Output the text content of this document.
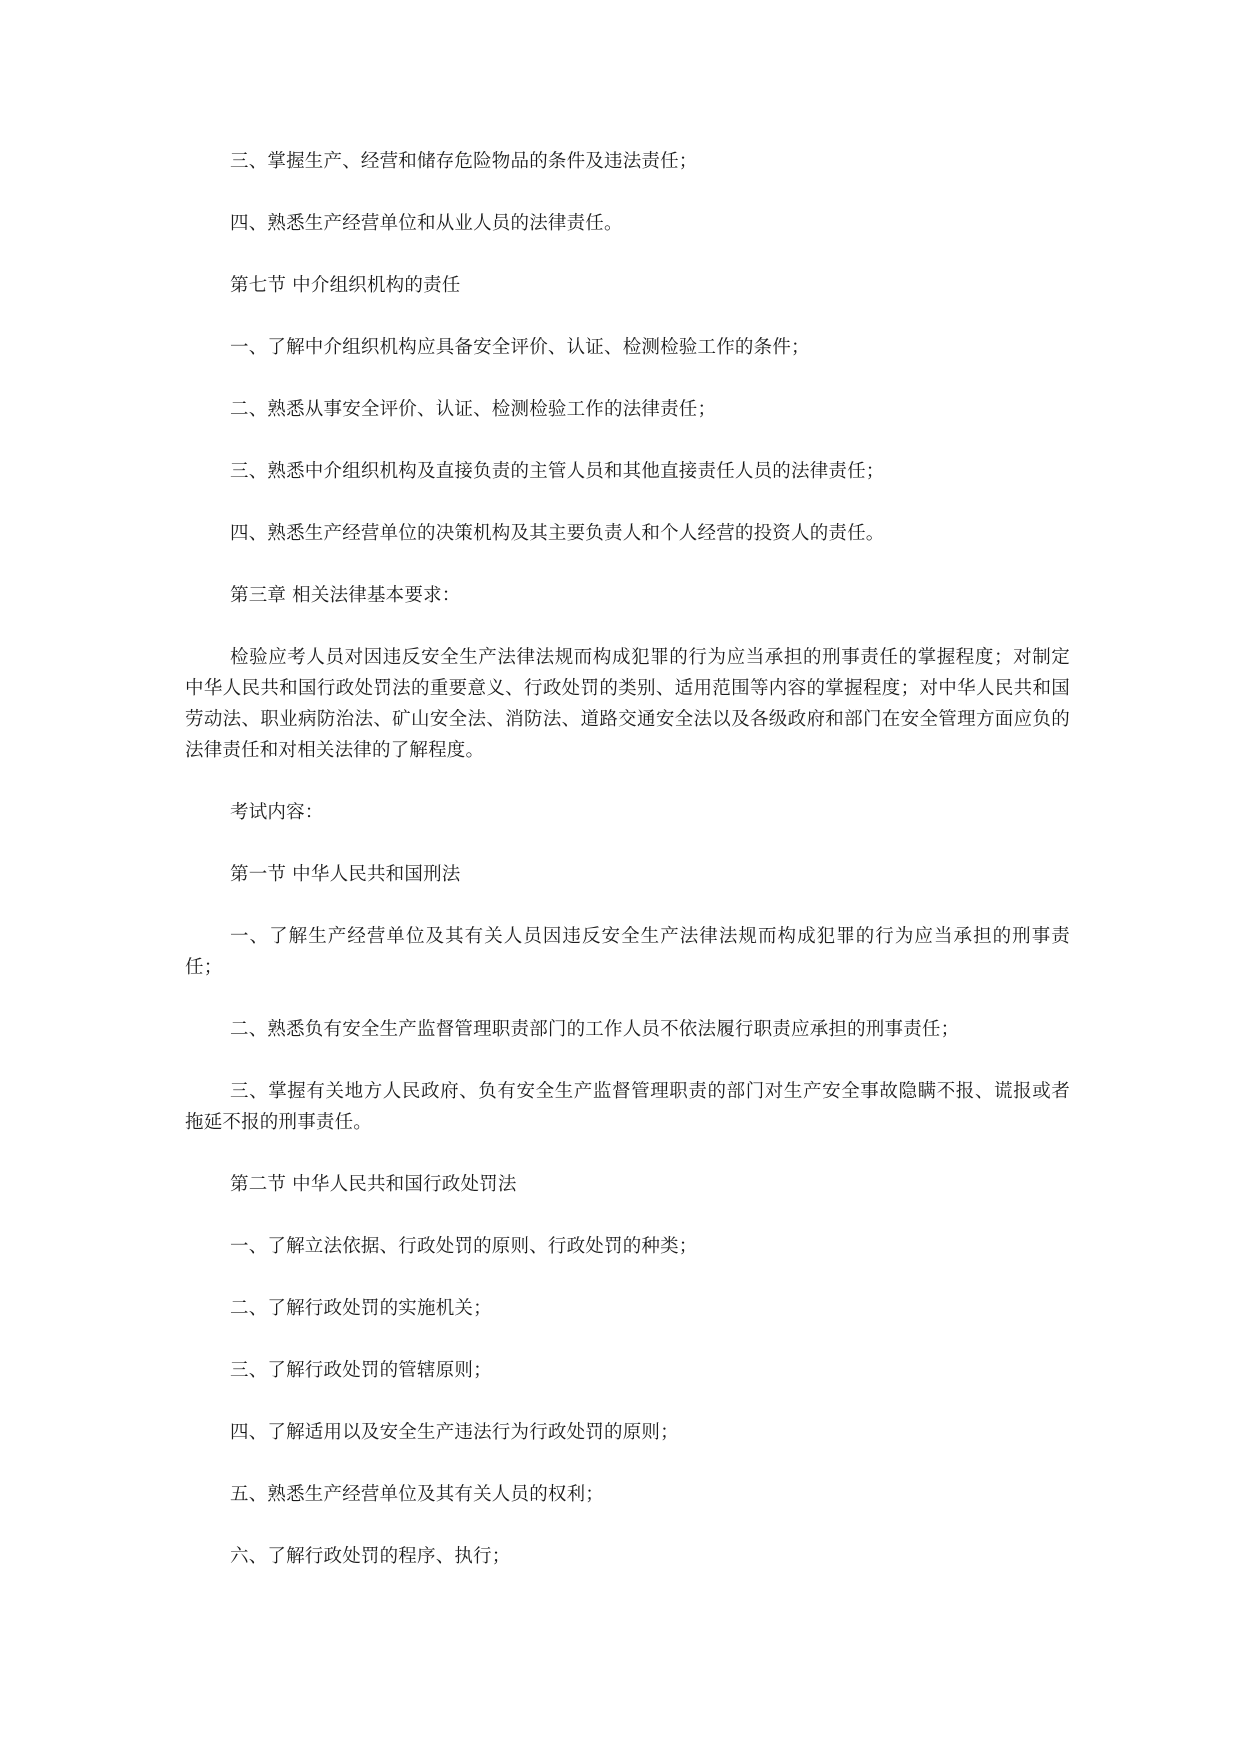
三、掌握生产、经营和储存危险物品的条件及违法责任；

四、熟悉生产经营单位和从业人员的法律责任。

第七节 中介组织机构的责任

一、了解中介组织机构应具备安全评价、认证、检测检验工作的条件；

二、熟悉从事安全评价、认证、检测检验工作的法律责任；

三、熟悉中介组织机构及直接负责的主管人员和其他直接责任人员的法律责任；

四、熟悉生产经营单位的决策机构及其主要负责人和个人经营的投资人的责任。

第三章 相关法律基本要求：

检验应考人员对因违反安全生产法律法规而构成犯罪的行为应当承担的刑事责任的掌握程度；对制定中华人民共和国行政处罚法的重要意义、行政处罚的类别、适用范围等内容的掌握程度；对中华人民共和国劳动法、职业病防治法、矿山安全法、消防法、道路交通安全法以及各级政府和部门在安全管理方面应负的法律责任和对相关法律的了解程度。

考试内容：

第一节 中华人民共和国刑法

一、了解生产经营单位及其有关人员因违反安全生产法律法规而构成犯罪的行为应当承担的刑事责任；

二、熟悉负有安全生产监督管理职责部门的工作人员不依法履行职责应承担的刑事责任；

三、掌握有关地方人民政府、负有安全生产监督管理职责的部门对生产安全事故隐瞒不报、谎报或者拖延不报的刑事责任。

第二节 中华人民共和国行政处罚法

一、了解立法依据、行政处罚的原则、行政处罚的种类；

二、了解行政处罚的实施机关；

三、了解行政处罚的管辖原则；

四、了解适用以及安全生产违法行为行政处罚的原则；

五、熟悉生产经营单位及其有关人员的权利；

六、了解行政处罚的程序、执行；
